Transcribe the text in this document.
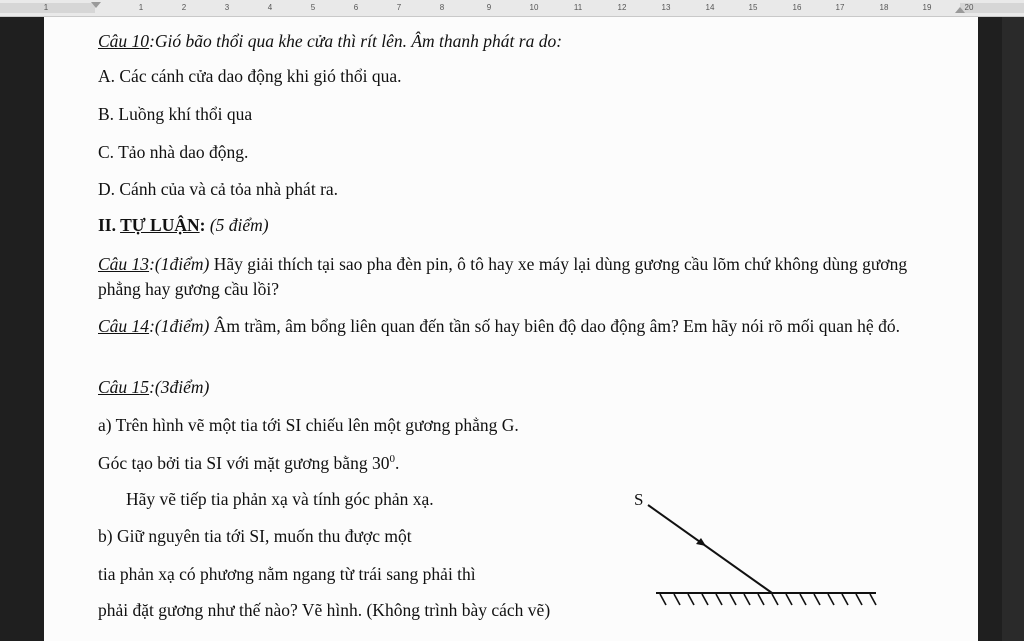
1	1	2	3	4	5	6	7	8	9	10	11	12	13	14	15	16	17	18	19	20
Câu 10:Gió bão thổi qua khe cửa thì rít lên. Âm thanh phát ra do:
A. Các cánh cửa dao động khi gió thổi qua.
B. Luồng khí thổi qua
C. Tảo nhà dao động.
D. Cánh của và cả tỏa nhà phát ra.
II. TỰ LUẬN: (5 điểm)
Câu 13:(1điểm) Hãy giải thích tại sao pha đèn pin, ô tô hay xe máy lại dùng gương cầu lõm chứ không dùng gương phẳng hay gương cầu lồi?
Câu 14:(1điểm) Âm trầm, âm bổng liên quan đến tần số hay biên độ dao động âm? Em hãy nói rõ mối quan hệ đó.
Câu 15:(3điểm)
a) Trên hình vẽ một tia tới SI chiếu lên một gương phẳng G.
Góc tạo bởi tia SI với mặt gương bằng $30^0$.
Hãy vẽ tiếp tia phản xạ và tính góc phản xạ.
b) Giữ nguyên tia tới SI, muốn thu được một
tia phản xạ có phương nằm ngang từ trái sang phải thì
phải đặt gương như thế nào? Vẽ hình. (Không trình bày cách vẽ)
S
